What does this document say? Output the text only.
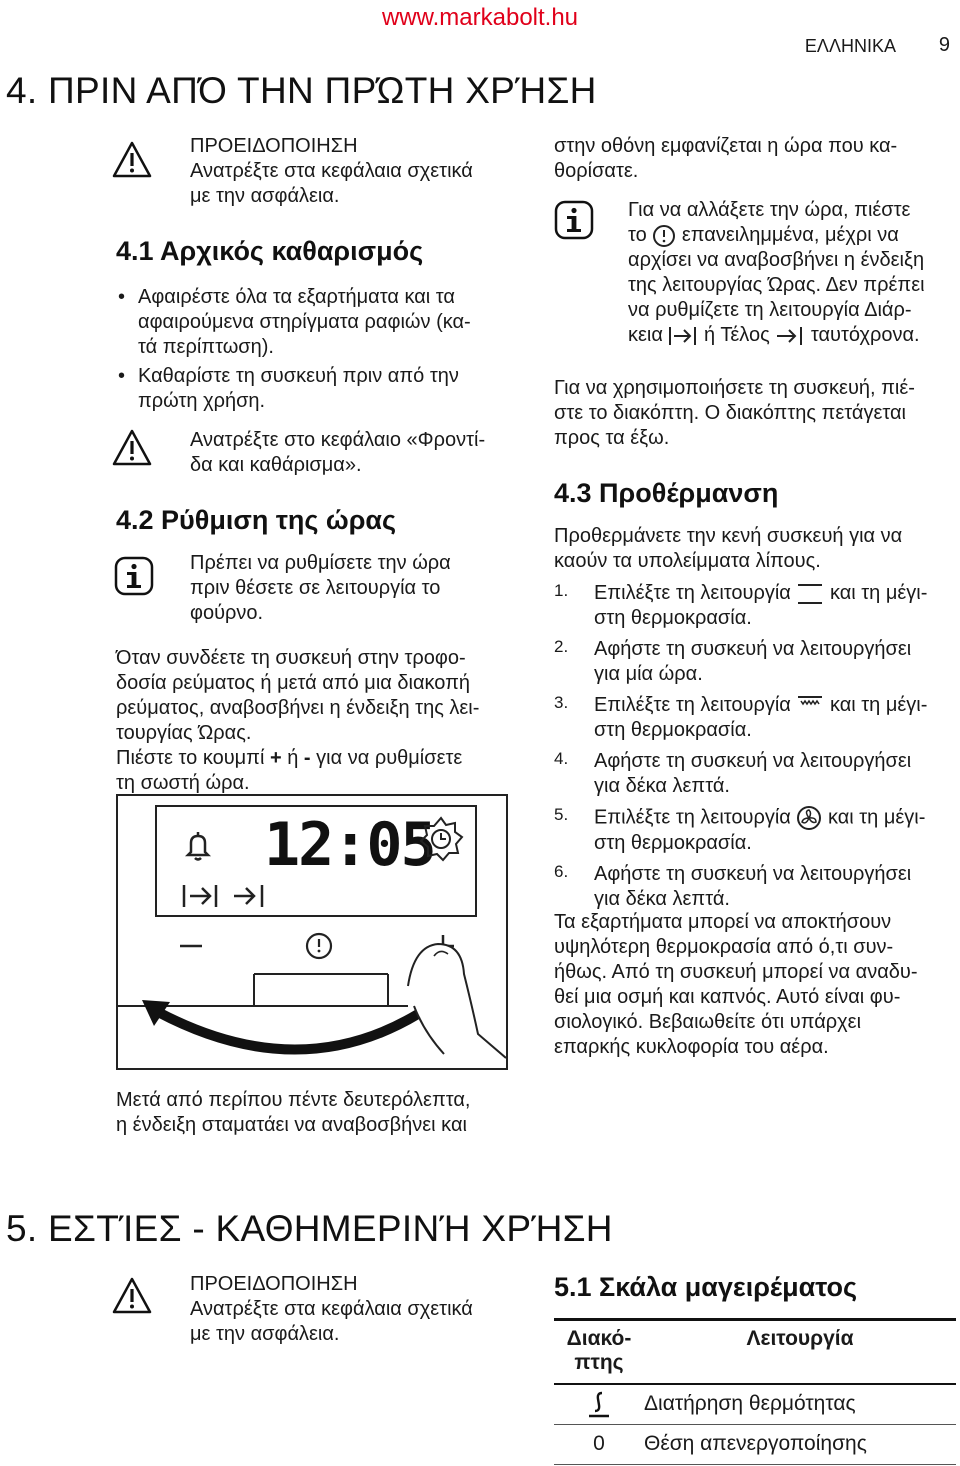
www.markabolt.hu
ΕΛΛΗΝΙΚΑ 9
4. ΠΡΙΝ ΑΠΌ ΤΗΝ ΠΡΏΤΗ ΧΡΉΣΗ
ΠΡΟΕΙΔΟΠΟΙΗΣΗ
Ανατρέξτε στα κεφάλαια σχετικά
με την ασφάλεια.
4.1 Αρχικός καθαρισμός
• Αφαιρέστε όλα τα εξαρτήματα και τα
αφαιρούμενα στηρίγματα ραφιών (κα-
τά περίπτωση).
• Καθαρίστε τη συσκευή πριν από την
πρώτη χρήση.
Ανατρέξτε στο κεφάλαιο «Φροντί-
δα και καθάρισμα».
4.2 Ρύθμιση της ώρας
Πρέπει να ρυθμίσετε την ώρα
πριν θέσετε σε λειτουργία το
φούρνο.
Όταν συνδέετε τη συσκευή στην τροφο-
δοσία ρεύματος ή μετά από μια διακοπή
ρεύματος, αναβοσβήνει η ένδειξη της λει-
τουργίας Ώρας.
Πιέστε το κουμπί + ή - για να ρυθμίσετε
τη σωστή ώρα.
12:05
Μετά από περίπου πέντε δευτερόλεπτα,
η ένδειξη σταματάει να αναβοσβήνει και
στην οθόνη εμφανίζεται η ώρα που κα-
θορίσατε.
Για να αλλάξετε την ώρα, πιέστε
το  επανειλημμένα, μέχρι να
αρχίσει να αναβοσβήνει η ένδειξη
της λειτουργίας Ώρας. Δεν πρέπει
να ρυθμίζετε τη λειτουργία Διάρ-
κεια  ή Τέλος  ταυτόχρονα.
Για να χρησιμοποιήσετε τη συσκευή, πιέ-
στε το διακόπτη. Ο διακόπτης πετάγεται
προς τα έξω.
4.3 Προθέρμανση
Προθερμάνετε την κενή συσκευή για να
καούν τα υπολείμματα λίπους.
1. Επιλέξτε τη λειτουργία  και τη μέγι-
στη θερμοκρασία.
2. Αφήστε τη συσκευή να λειτουργήσει
για μία ώρα.
3. Επιλέξτε τη λειτουργία  και τη μέγι-
στη θερμοκρασία.
4. Αφήστε τη συσκευή να λειτουργήσει
για δέκα λεπτά.
5. Επιλέξτε τη λειτουργία  και τη μέγι-
στη θερμοκρασία.
6. Αφήστε τη συσκευή να λειτουργήσει
για δέκα λεπτά.
Τα εξαρτήματα μπορεί να αποκτήσουν
υψηλότερη θερμοκρασία από ό,τι συν-
ήθως. Από τη συσκευή μπορεί να αναδυ-
θεί μια οσμή και καπνός. Αυτό είναι φυ-
σιολογικό. Βεβαιωθείτε ότι υπάρχει
επαρκής κυκλοφορία του αέρα.
5. ΕΣΤΊΕΣ - ΚΑΘΗΜΕΡΙΝΉ ΧΡΉΣΗ
ΠΡΟΕΙΔΟΠΟΙΗΣΗ
Ανατρέξτε στα κεφάλαια σχετικά
με την ασφάλεια.
5.1 Σκάλα μαγειρέματος
Διακό-
πτης	Λειτουργία
	Διατήρηση θερμότητας
0	Θέση απενεργοποίησης
